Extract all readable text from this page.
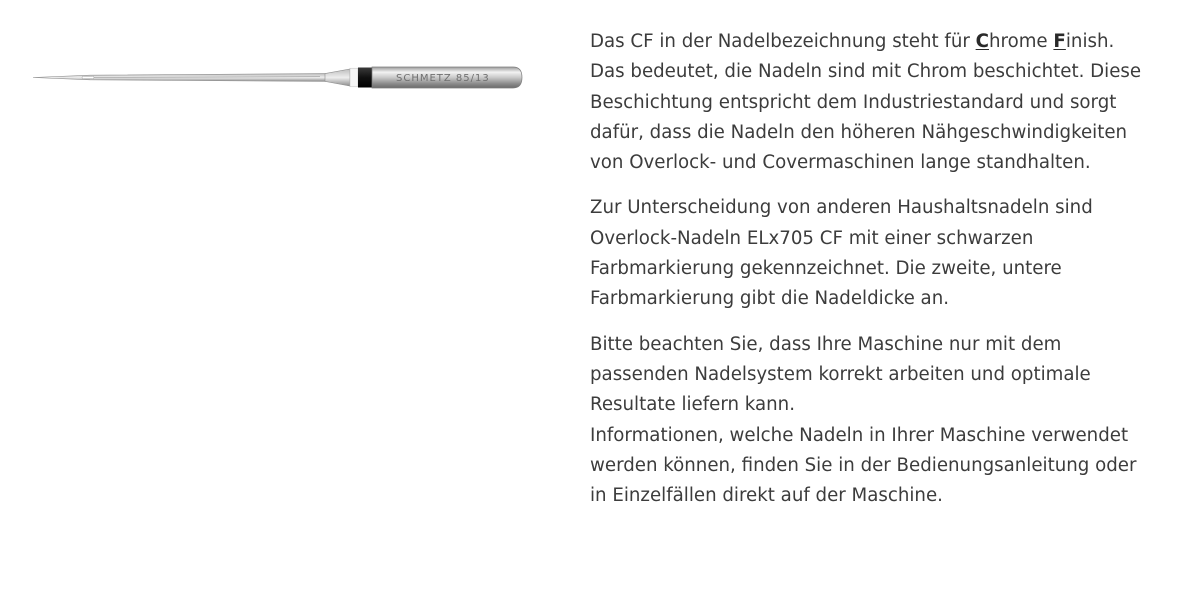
SCHMETZ 85/13

Das CF in der Nadelbezeichnung steht für Chrome Finish. Das bedeutet, die Nadeln sind mit Chrom beschichtet. Diese Beschichtung entspricht dem Industriestandard und sorgt dafür, dass die Nadeln den höheren Nähgeschwindigkeiten von Overlock- und Covermaschinen lange standhalten.

Zur Unterscheidung von anderen Haushaltsnadeln sind Overlock-Nadeln ELx705 CF mit einer schwarzen Farbmarkierung gekennzeichnet. Die zweite, untere Farbmarkierung gibt die Nadeldicke an.

Bitte beachten Sie, dass Ihre Maschine nur mit dem passenden Nadelsystem korrekt arbeiten und optimale Resultate liefern kann.
Informationen, welche Nadeln in Ihrer Maschine verwendet werden können, finden Sie in der Bedienungsanleitung oder in Einzelfällen direkt auf der Maschine.
